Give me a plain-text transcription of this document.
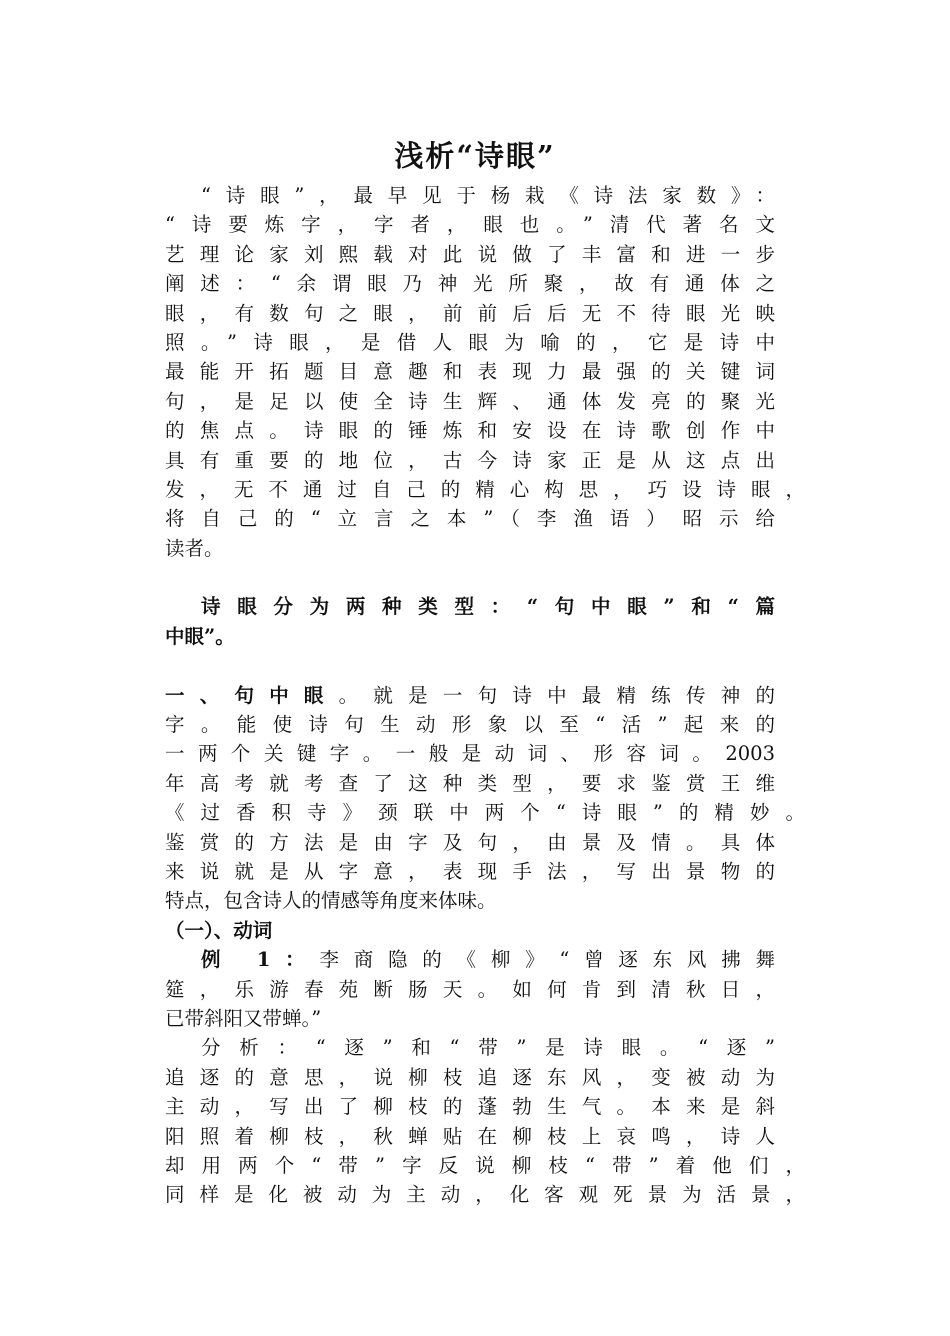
浅析“诗眼”
“诗眼”，最早见于杨栽《诗法家数》：
“诗要炼字，字者，眼也。”清代著名文
艺理论家刘熙载对此说做了丰富和进一步
阐述：“余谓眼乃神光所聚，故有通体之
眼，有数句之眼，前前后后无不待眼光映
照。”诗眼，是借人眼为喻的，它是诗中
最能开拓题目意趣和表现力最强的关键词
句，是足以使全诗生辉、通体发亮的聚光
的焦点。诗眼的锤炼和安设在诗歌创作中
具有重要的地位，古今诗家正是从这点出
发，无不通过自己的精心构思，巧设诗眼，
将自己的“立言之本”（李渔语）昭示给
读者。
诗眼分为两种类型：“句中眼”和“篇
中眼”。
一、句中眼。就是一句诗中最精练传神的
字。能使诗句生动形象以至“活”起来的
一两个关键字。一般是动词、形容词。2003
年高考就考查了这种类型，要求鉴赏王维
《过香积寺》颈联中两个“诗眼”的精妙。
鉴赏的方法是由字及句，由景及情。具体
来说就是从字意，表现手法，写出景物的
特点，包含诗人的情感等角度来体味。
（一）、动词
例 1：李商隐的《柳》“曾逐东风拂舞
筵，乐游春苑断肠天。如何肯到清秋日，
已带斜阳又带蝉。”
分析：“逐”和“带”是诗眼。“逐”
追逐的意思，说柳枝追逐东风，变被动为
主动，写出了柳枝的蓬勃生气。本来是斜
阳照着柳枝，秋蝉贴在柳枝上哀鸣，诗人
却用两个“带”字反说柳枝“带”着他们，
同样是化被动为主动，化客观死景为活景，
